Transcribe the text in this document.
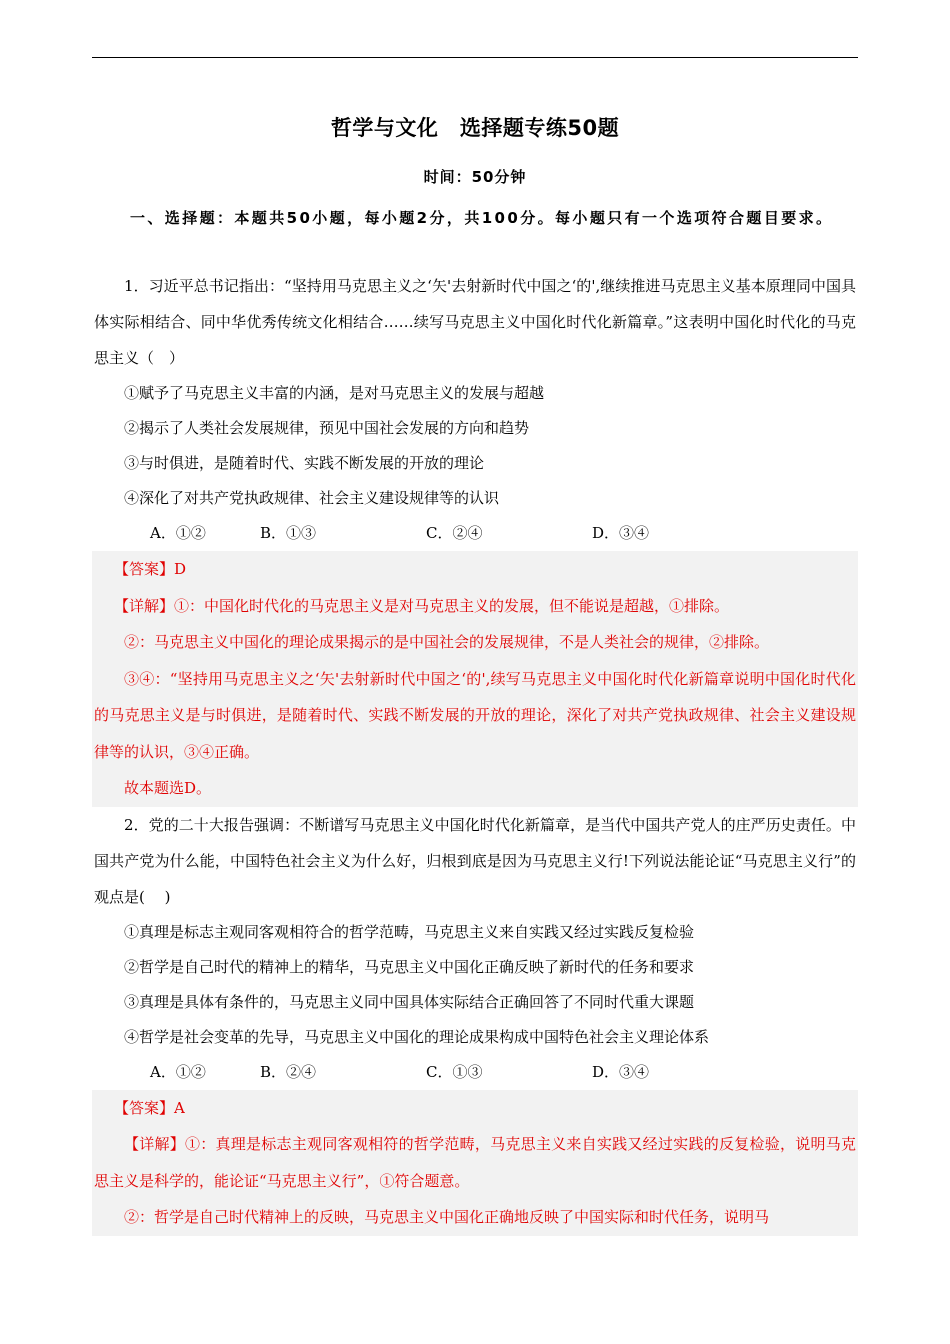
哲学与文化　选择题专练50题
时间：50分钟
一、选择题：本题共50小题，每小题2分，共100分。每小题只有一个选项符合题目要求。

1．习近平总书记指出：“坚持用马克思主义之‘矢'去射新时代中国之‘的',继续推进马克思主义基本原理同中国具体实际相结合、同中华优秀传统文化相结合……续写马克思主义中国化时代化新篇章。”这表明中国化时代化的马克思主义（　）

①赋予了马克思主义丰富的内涵，是对马克思主义的发展与超越

②揭示了人类社会发展规律，预见中国社会发展的方向和趋势

③与时俱进，是随着时代、实践不断发展的开放的理论

④深化了对共产党执政规律、社会主义建设规律等的认识

A．①②	B．①③	C．②④	D．③④

【答案】D

【详解】①：中国化时代化的马克思主义是对马克思主义的发展，但不能说是超越，①排除。

②：马克思主义中国化的理论成果揭示的是中国社会的发展规律，不是人类社会的规律，②排除。

③④：“坚持用马克思主义之‘矢'去射新时代中国之‘的',续写马克思主义中国化时代化新篇章说明中国化时代化的马克思主义是与时俱进，是随着时代、实践不断发展的开放的理论，深化了对共产党执政规律、社会主义建设规律等的认识，③④正确。

故本题选D。

2．党的二十大报告强调：不断谱写马克思主义中国化时代化新篇章，是当代中国共产党人的庄严历史责任。中国共产党为什么能，中国特色社会主义为什么好，归根到底是因为马克思主义行!下列说法能论证“马克思主义行”的观点是(　 )

①真理是标志主观同客观相符合的哲学范畴，马克思主义来自实践又经过实践反复检验

②哲学是自己时代的精神上的精华，马克思主义中国化正确反映了新时代的任务和要求

③真理是具体有条件的，马克思主义同中国具体实际结合正确回答了不同时代重大课题

④哲学是社会变革的先导，马克思主义中国化的理论成果构成中国特色社会主义理论体系

A．①②	B．②④	C．①③	D．③④

【答案】A

【详解】①：真理是标志主观同客观相符的哲学范畴，马克思主义来自实践又经过实践的反复检验，说明马克思主义是科学的，能论证“马克思主义行”，①符合题意。

②：哲学是自己时代精神上的反映，马克思主义中国化正确地反映了中国实际和时代任务，说明马
